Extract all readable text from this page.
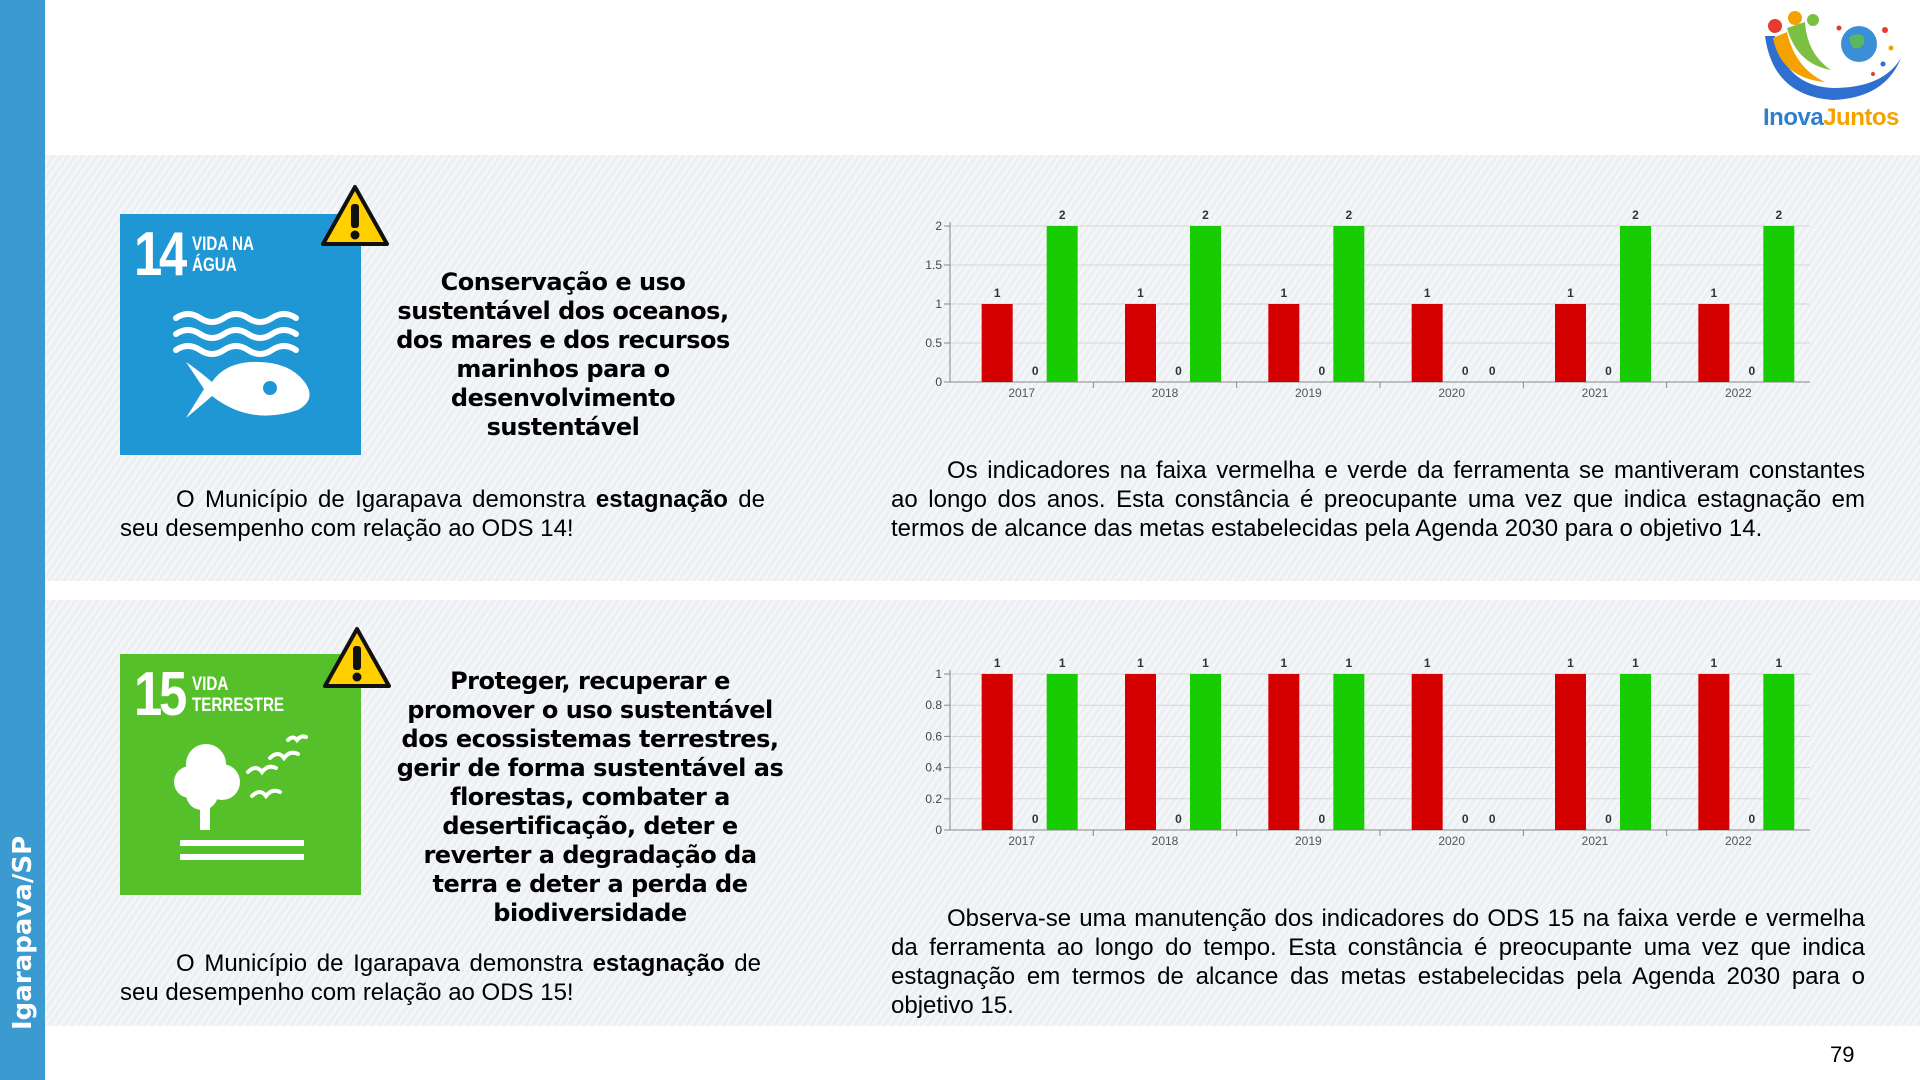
Igarapava/SP
InovaJuntos
14 VIDA NA ÁGUA
15 VIDA TERRESTRE
Conservação e uso sustentável dos oceanos, dos mares e dos recursos marinhos para o desenvolvimento sustentável
Proteger, recuperar e promover o uso sustentável dos ecossistemas terrestres, gerir de forma sustentável as florestas, combater a desertificação, deter e reverter a degradação da terra e deter a perda de biodiversidade
O Município de Igarapava demonstra estagnação de seu desempenho com relação ao ODS 14!
O Município de Igarapava demonstra estagnação de seu desempenho com relação ao ODS 15!
Os indicadores na faixa vermelha e verde da ferramenta se mantiveram constantes ao longo dos anos. Esta constância é preocupante uma vez que indica estagnação em termos de alcance das metas estabelecidas pela Agenda 2030 para o objetivo 14.
Observa-se uma manutenção dos indicadores do ODS 15 na faixa verde e vermelha da ferramenta ao longo do tempo. Esta constância é preocupante uma vez que indica estagnação em termos de alcance das metas estabelecidas pela Agenda 2030 para o objetivo 15.
0
0.5
1
1.5
2
2017
1
0
2
2018
1
0
2
2019
1
0
2
2020
1
0 0
2021
1
0
2
2022
1
0
2
0
0.2
0.4
0.6
0.8
1
2017
1
0
1
2018
1
0
1
2019
1
0
1
2020
1
0 0
2021
1
0
1
2022
1
0
1
79
